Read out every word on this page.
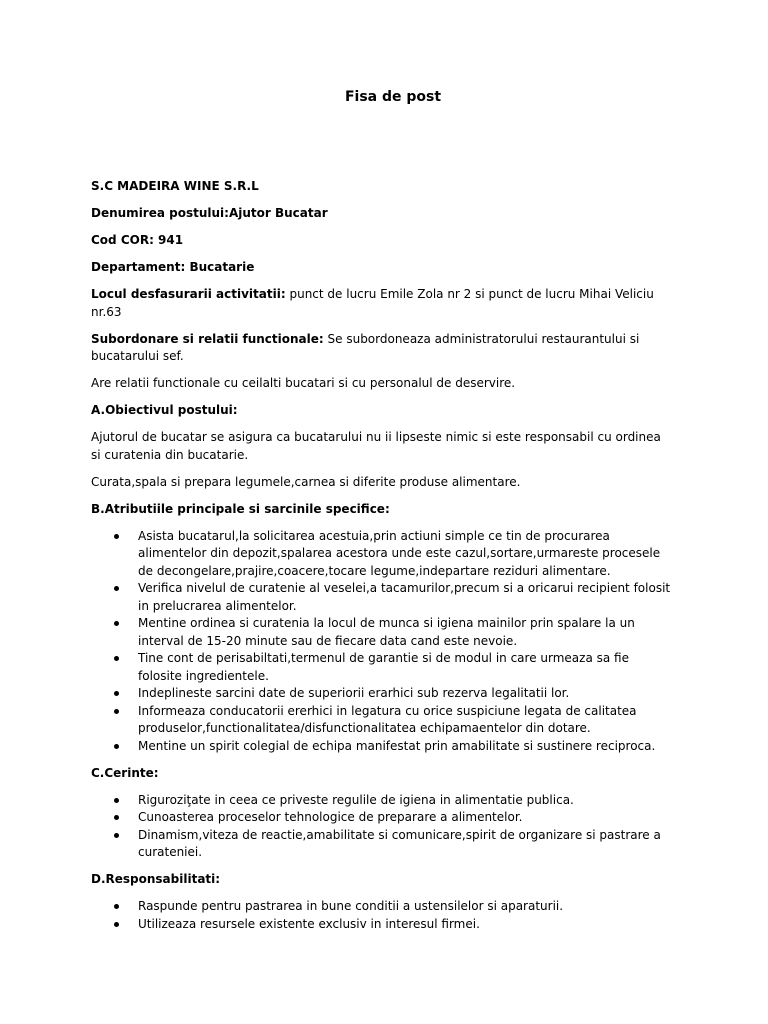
Fisa de post

S.C MADEIRA WINE S.R.L

Denumirea postului:Ajutor Bucatar

Cod COR: 941

Departament: Bucatarie

Locul desfasurarii activitatii: punct de lucru Emile Zola nr 2 si punct de lucru Mihai Veliciu nr.63

Subordonare si relatii functionale: Se subordoneaza administratorului restaurantului si bucatarului sef.

Are relatii functionale cu ceilalti bucatari si cu personalul de deservire.

A.Obiectivul postului:

Ajutorul de bucatar se asigura ca bucatarului nu ii lipseste nimic si este responsabil cu ordinea si curatenia din bucatarie.

Curata,spala si prepara legumele,carnea si diferite produse alimentare.

B.Atributiile principale si sarcinile specifice:

Asista bucatarul,la solicitarea acestuia,prin actiuni simple ce tin de procurarea alimentelor din depozit,spalarea acestora unde este cazul,sortare,urmareste procesele de decongelare,prajire,coacere,tocare legume,indepartare reziduri alimentare.
Verifica nivelul de curatenie al veselei,a tacamurilor,precum si a oricarui recipient folosit in prelucrarea alimentelor.
Mentine ordinea si curatenia la locul de munca si igiena mainilor prin spalare la un interval de 15-20 minute sau de fiecare data cand este nevoie.
Tine cont de perisabiltati,termenul de garantie si de modul in care urmeaza sa fie folosite ingredientele.
Indeplineste sarcini date de superiorii erarhici sub rezerva legalitatii lor.
Informeaza conducatorii ererhici in legatura cu orice suspiciune legata de calitatea produselor,functionalitatea/disfunctionalitatea echipamaentelor din dotare.
Mentine un spirit colegial de echipa manifestat prin amabilitate si sustinere reciproca.

C.Cerinte:

Riguroziţate in ceea ce priveste regulile de igiena in alimentatie publica.
Cunoasterea proceselor tehnologice de preparare a alimentelor.
Dinamism,viteza de reactie,amabilitate si comunicare,spirit de organizare si pastrare a curateniei.

D.Responsabilitati:

Raspunde pentru pastrarea in bune conditii a ustensilelor si aparaturii.
Utilizeaza resursele existente exclusiv in interesul firmei.
